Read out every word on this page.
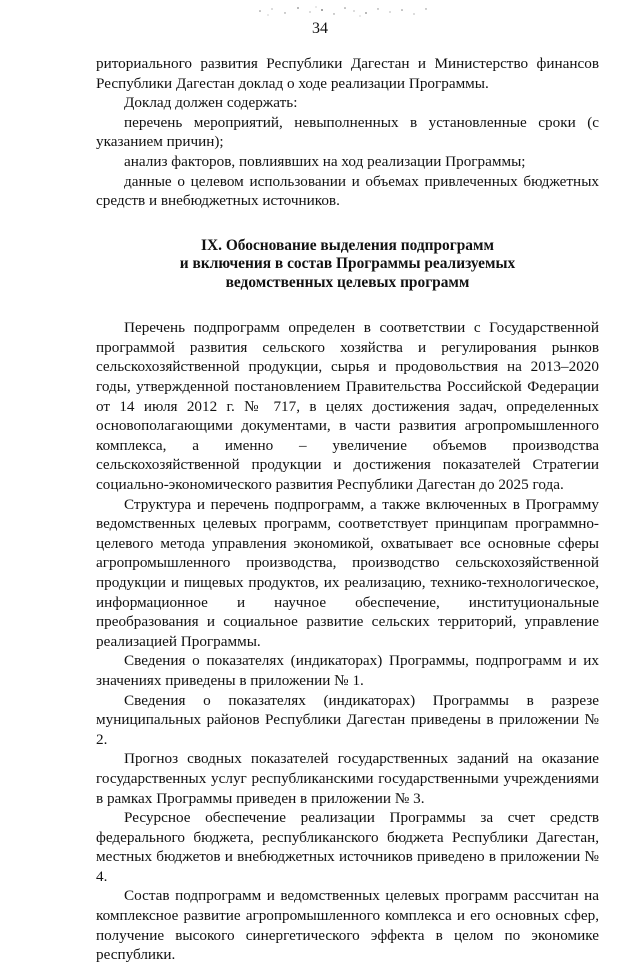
34

риториального развития Республики Дагестан и Министерство финансов Республики Дагестан доклад о ходе реализации Программы.

Доклад должен содержать:

перечень мероприятий, невыполненных в установленные сроки (с указанием причин);

анализ факторов, повлиявших на ход реализации Программы;

данные о целевом использовании и объемах привлеченных бюджетных средств и внебюджетных источников.

IX. Обоснование выделения подпрограмм
и включения в состав Программы реализуемых
ведомственных целевых программ

Перечень подпрограмм определен в соответствии с Государственной программой развития сельского хозяйства и регулирования рынков сельскохозяйственной продукции, сырья и продовольствия на 2013–2020 годы, утвержденной постановлением Правительства Российской Федерации от 14 июля 2012 г. № 717, в целях достижения задач, определенных основополагающими документами, в части развития агропромышленного комплекса, а именно – увеличение объемов производства сельскохозяйственной продукции и достижения показателей Стратегии социально-экономического развития Республики Дагестан до 2025 года.

Структура и перечень подпрограмм, а также включенных в Программу ведомственных целевых программ, соответствует принципам программно-целевого метода управления экономикой, охватывает все основные сферы агропромышленного производства, производство сельскохозяйственной продукции и пищевых продуктов, их реализацию, технико-технологическое, информационное и научное обеспечение, институциональные преобразования и социальное развитие сельских территорий, управление реализацией Программы.

Сведения о показателях (индикаторах) Программы, подпрограмм и их значениях приведены в приложении № 1.

Сведения о показателях (индикаторах) Программы в разрезе муниципальных районов Республики Дагестан приведены в приложении № 2.

Прогноз сводных показателей государственных заданий на оказание государственных услуг республиканскими государственными учреждениями в рамках Программы приведен в приложении № 3.

Ресурсное обеспечение реализации Программы за счет средств федерального бюджета, республиканского бюджета Республики Дагестан, местных бюджетов и внебюджетных источников приведено в приложении № 4.

Состав подпрограмм и ведомственных целевых программ рассчитан на комплексное развитие агропромышленного комплекса и его основных сфер, получение высокого синергетического эффекта в целом по экономике республики.
